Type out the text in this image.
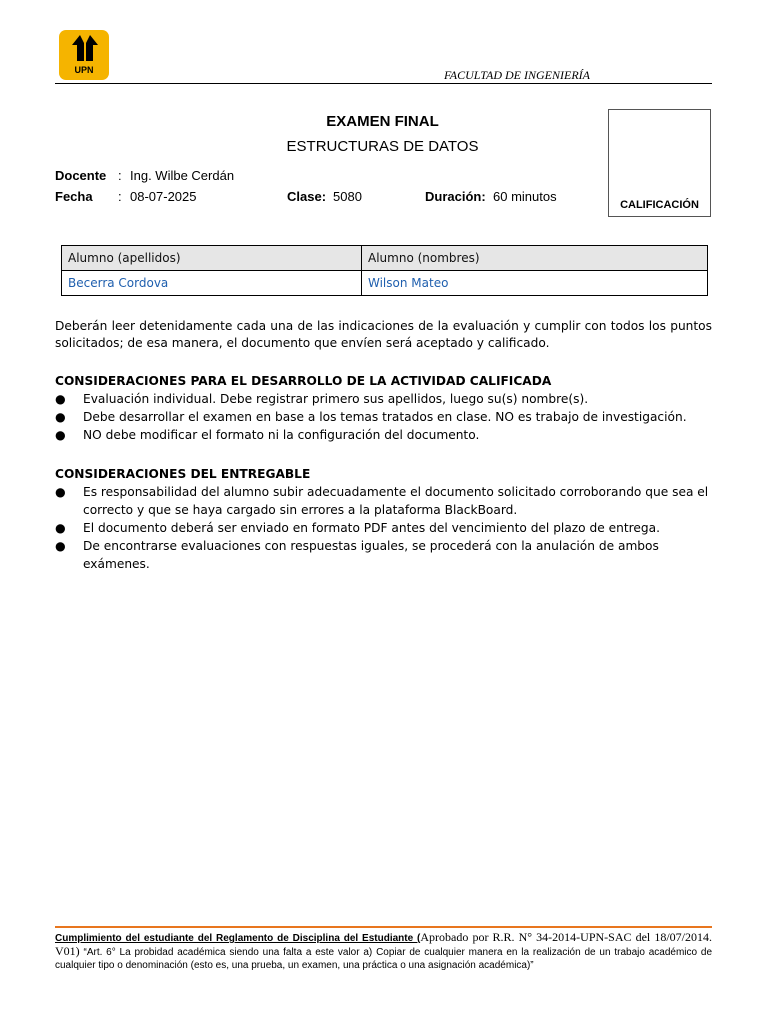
UPN	FACULTAD DE INGENIERÍA
EXAMEN FINAL
ESTRUCTURAS DE DATOS
CALIFICACIÓN
Docente : Ing. Wilbe Cerdán
Fecha : 08-07-2025	Clase: 5080	Duración: 60 minutos
Alumno (apellidos)	Alumno (nombres)
Becerra Cordova	Wilson Mateo
Deberán leer detenidamente cada una de las indicaciones de la evaluación y cumplir con todos los puntos solicitados; de esa manera, el documento que envíen será aceptado y calificado.
CONSIDERACIONES PARA EL DESARROLLO DE LA ACTIVIDAD CALIFICADA
● Evaluación individual. Debe registrar primero sus apellidos, luego su(s) nombre(s).
● Debe desarrollar el examen en base a los temas tratados en clase. NO es trabajo de investigación.
● NO debe modificar el formato ni la configuración del documento.
CONSIDERACIONES DEL ENTREGABLE
● Es responsabilidad del alumno subir adecuadamente el documento solicitado corroborando que sea el correcto y que se haya cargado sin errores a la plataforma BlackBoard.
● El documento deberá ser enviado en formato PDF antes del vencimiento del plazo de entrega.
● De encontrarse evaluaciones con respuestas iguales, se procederá con la anulación de ambos exámenes.
Cumplimiento del estudiante del Reglamento de Disciplina del Estudiante (Aprobado por R.R. N° 34-2014-UPN-SAC del 18/07/2014. V01) “Art. 6° La probidad académica siendo una falta a este valor a) Copiar de cualquier manera en la realización de un trabajo académico de cualquier tipo o denominación (esto es, una prueba, un examen, una práctica o una asignación académica)”
